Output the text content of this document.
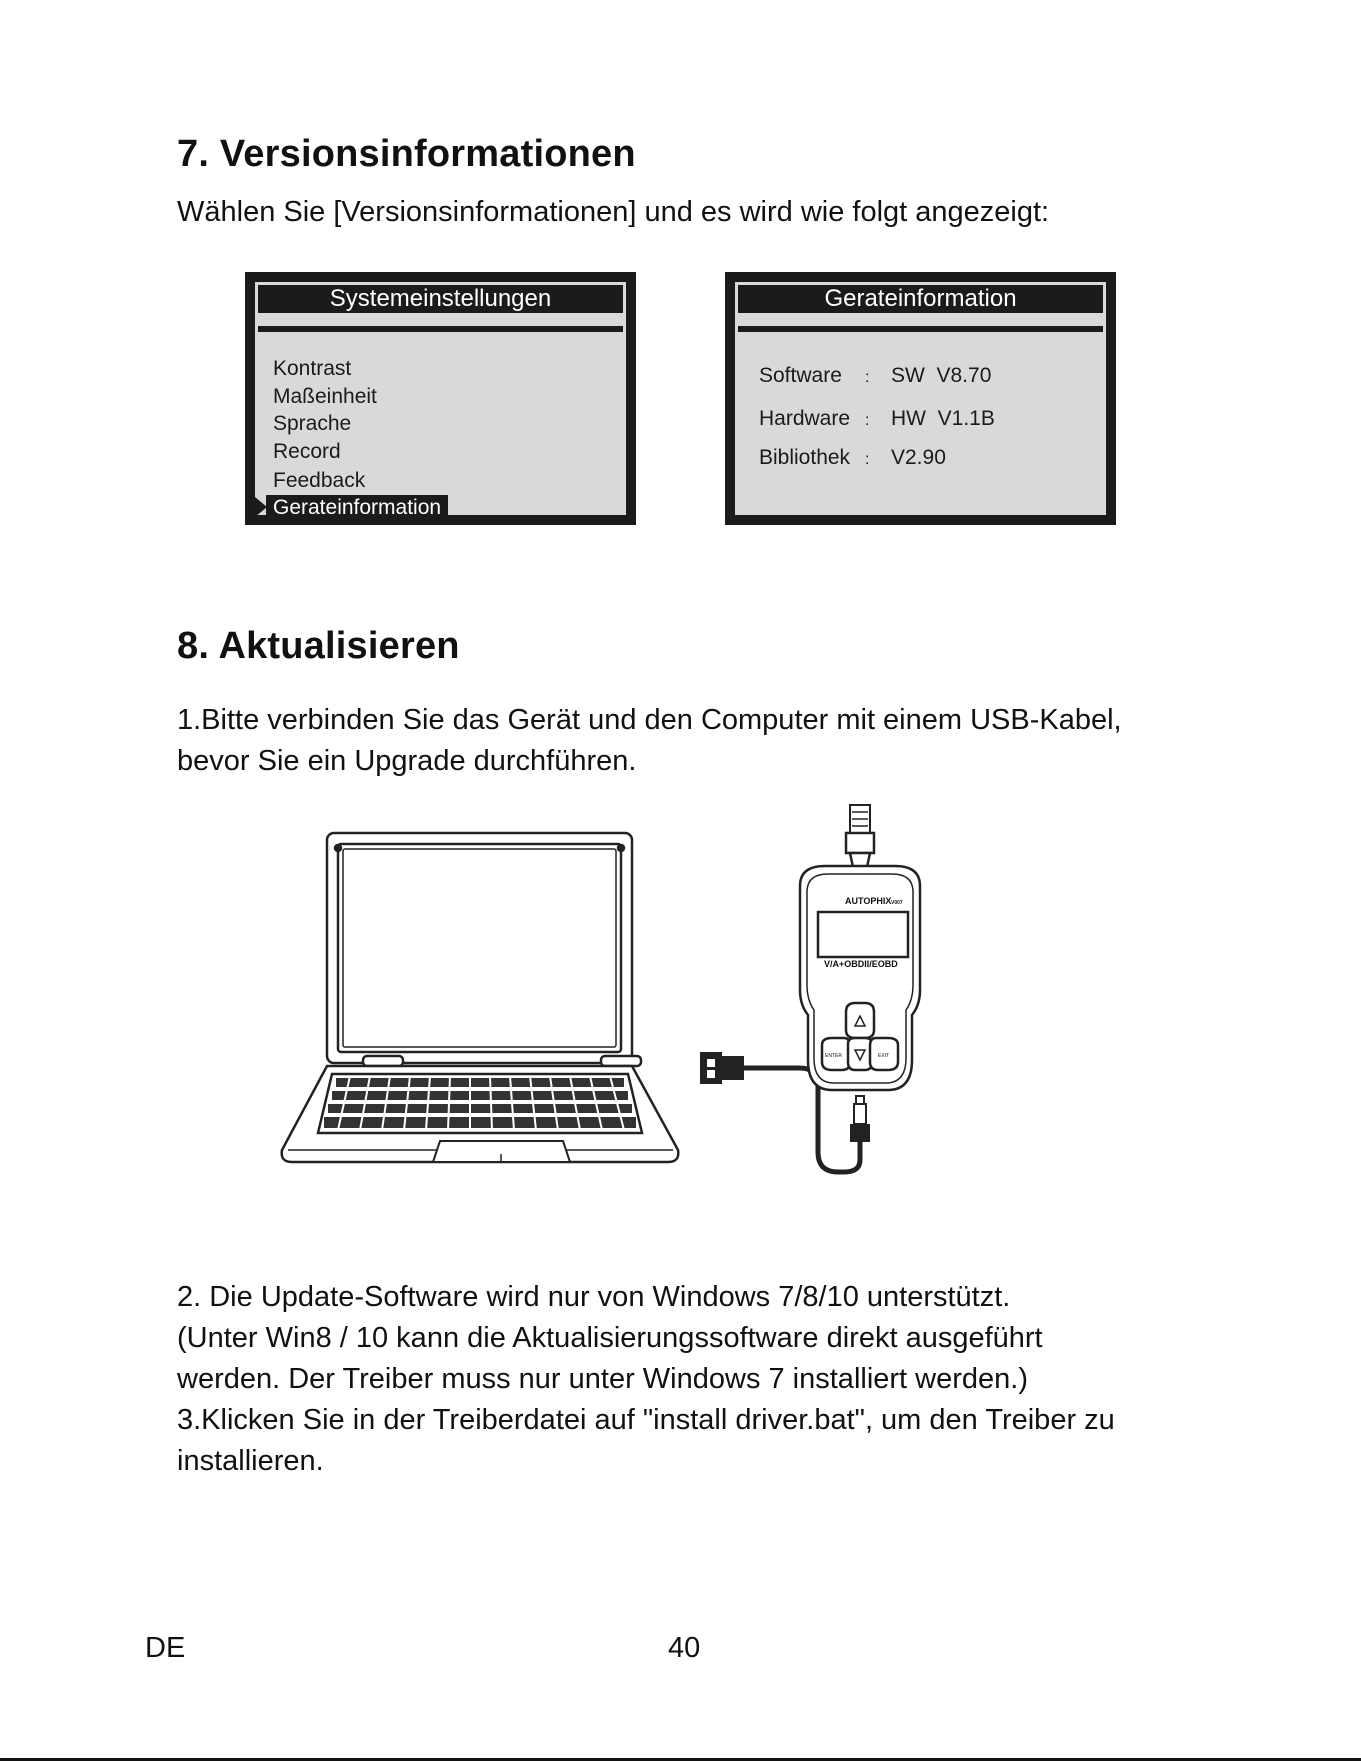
7. Versionsinformationen
Wählen Sie [Versionsinformationen] und es wird wie folgt angezeigt:
Systemeinstellungen
Kontrast
Maßeinheit
Sprache
Record
Feedback
Gerateinformation
Gerateinformation
Software : SW  V8.70
Hardware : HW  V1.1B
Bibliothek : V2.90
8. Aktualisieren
1.Bitte verbinden Sie das Gerät und den Computer mit einem USB-Kabel,
bevor Sie ein Upgrade durchführen.
AUTOPHIX V007
V/A+OBDII/EOBD
ENTER	EXIT
2. Die Update-Software wird nur von Windows 7/8/10 unterstützt.
(Unter Win8 / 10 kann die Aktualisierungssoftware direkt ausgeführt
werden. Der Treiber muss nur unter Windows 7 installiert werden.)
3.Klicken Sie in der Treiberdatei auf "install driver.bat", um den Treiber zu
installieren.
DE	40
